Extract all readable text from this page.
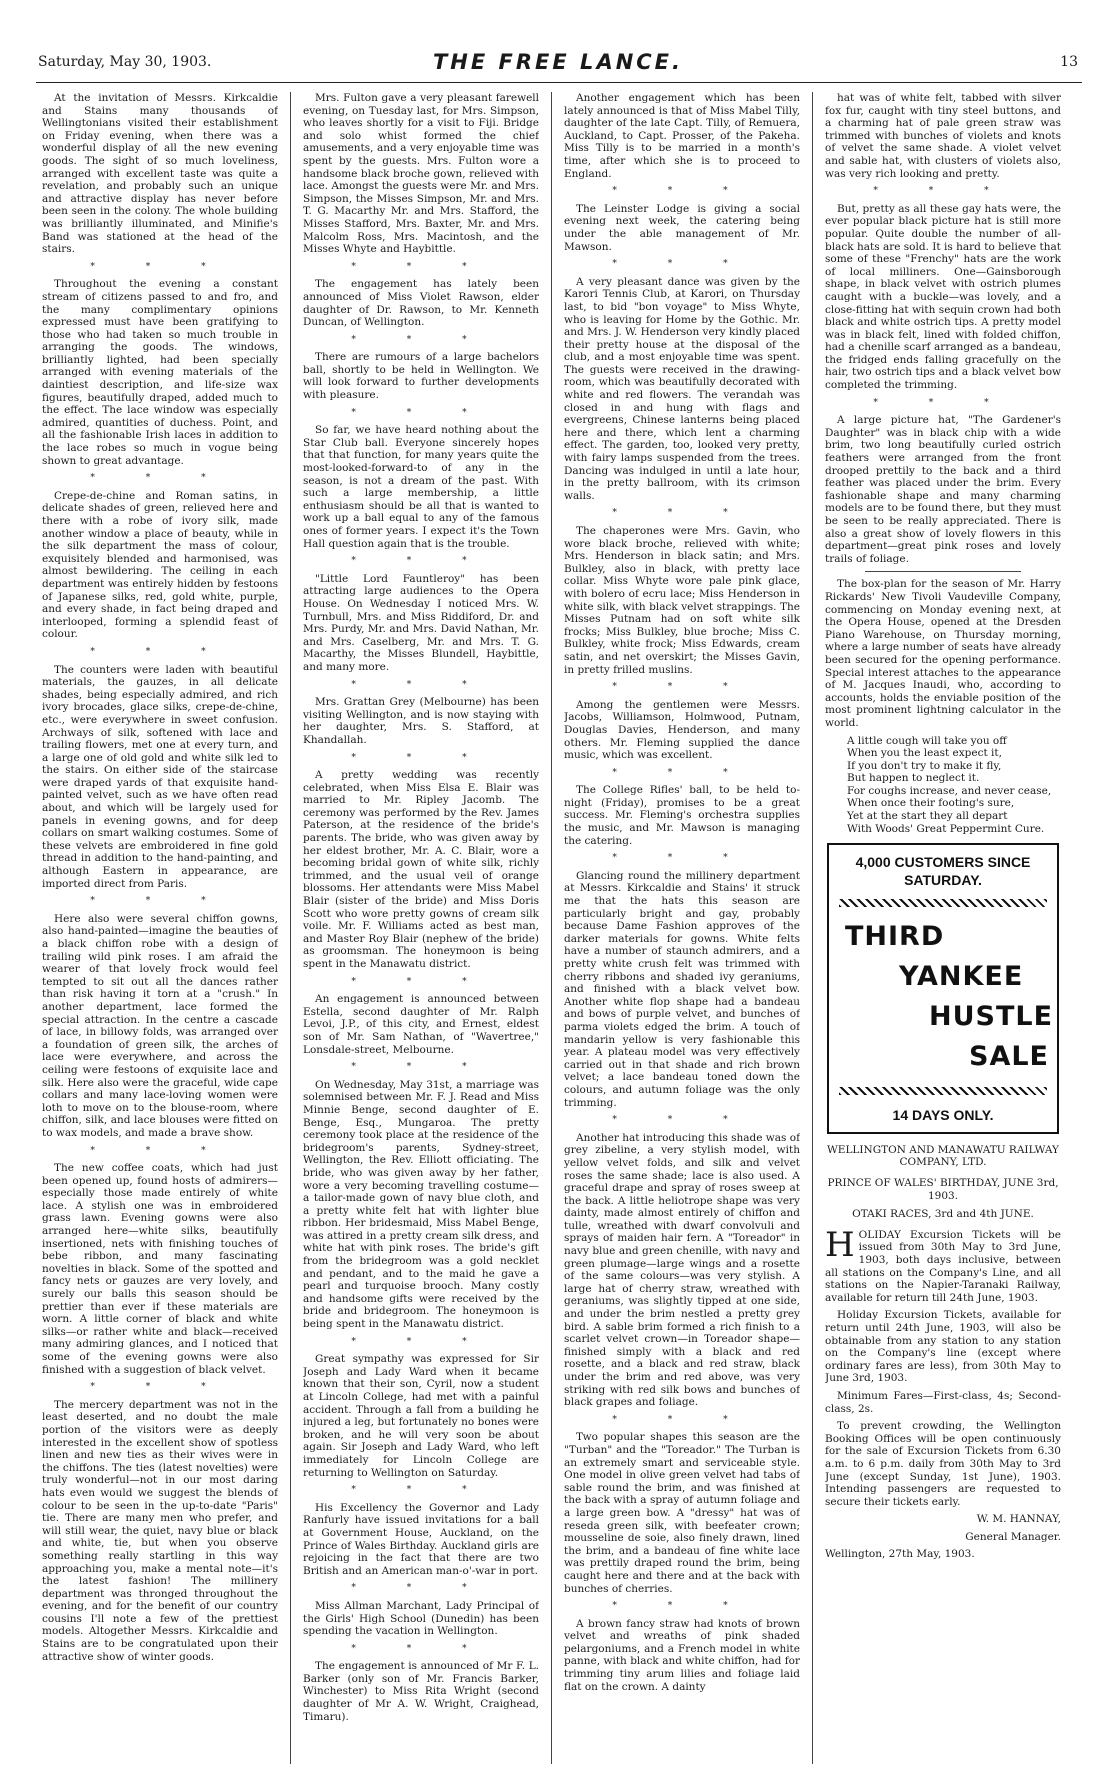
Saturday, May 30, 1903.	THE FREE LANCE.	13

At the invitation of Messrs. Kirkcaldie and Stains many thousands of Wellingtonians visited their establishment on Friday evening, when there was a wonderful display of all the new evening goods. The sight of so much loveliness, arranged with excellent taste was quite a revelation, and probably such an unique and attractive display has never before been seen in the colony. The whole building was brilliantly illuminated, and Minifie's Band was stationed at the head of the stairs.

* * *

Throughout the evening a constant stream of citizens passed to and fro, and the many complimentary opinions expressed must have been gratifying to those who had taken so much trouble in arranging the goods. The windows, brilliantly lighted, had been specially arranged with evening materials of the daintiest description, and life-size wax figures, beautifully draped, added much to the effect. The lace window was especially admired, quantities of duchess. Point, and all the fashionable Irish laces in addition to the lace robes so much in vogue being shown to great advantage.

* * *

Crepe-de-chine and Roman satins, in delicate shades of green, relieved here and there with a robe of ivory silk, made another window a place of beauty, while in the silk department the mass of colour, exquisitely blended and harmonised, was almost bewildering. The ceiling in each department was entirely hidden by festoons of Japanese silks, red, gold white, purple, and every shade, in fact being draped and interlooped, forming a splendid feast of colour.

* * *

The counters were laden with beautiful materials, the gauzes, in all delicate shades, being especially admired, and rich ivory brocades, glace silks, crepe-de-chine, etc., were everywhere in sweet confusion. Archways of silk, softened with lace and trailing flowers, met one at every turn, and a large one of old gold and white silk led to the stairs. On either side of the staircase were draped yards of that exquisite hand-painted velvet, such as we have often read about, and which will be largely used for panels in evening gowns, and for deep collars on smart walking costumes. Some of these velvets are embroidered in fine gold thread in addition to the hand-painting, and although Eastern in appearance, are imported direct from Paris.

* * *

Here also were several chiffon gowns, also hand-painted—imagine the beauties of a black chiffon robe with a design of trailing wild pink roses. I am afraid the wearer of that lovely frock would feel tempted to sit out all the dances rather than risk having it torn at a "crush." In another department, lace formed the special attraction. In the centre a cascade of lace, in billowy folds, was arranged over a foundation of green silk, the arches of lace were everywhere, and across the ceiling were festoons of exquisite lace and silk. Here also were the graceful, wide cape collars and many lace-loving women were loth to move on to the blouse-room, where chiffon, silk, and lace blouses were fitted on to wax models, and made a brave show.

* * *

The new coffee coats, which had just been opened up, found hosts of admirers—especially those made entirely of white lace. A stylish one was in embroidered grass lawn. Evening gowns were also arranged here—white silks, beautifully insertioned, nets with finishing touches of bebe ribbon, and many fascinating novelties in black. Some of the spotted and fancy nets or gauzes are very lovely, and surely our balls this season should be prettier than ever if these materials are worn. A little corner of black and white silks—or rather white and black—received many admiring glances, and I noticed that some of the evening gowns were also finished with a suggestion of black velvet.

* * *

The mercery department was not in the least deserted, and no doubt the male portion of the visitors were as deeply interested in the excellent show of spotless linen and new ties as their wives were in the chiffons. The ties (latest novelties) were truly wonderful—not in our most daring hats even would we suggest the blends of colour to be seen in the up-to-date "Paris" tie. There are many men who prefer, and will still wear, the quiet, navy blue or black and white, tie, but when you observe something really startling in this way approaching you, make a mental note—it's the latest fashion! The millinery department was thronged throughout the evening, and for the benefit of our country cousins I'll note a few of the prettiest models. Altogether Messrs. Kirkcaldie and Stains are to be congratulated upon their attractive show of winter goods.

Mrs. Fulton gave a very pleasant farewell evening, on Tuesday last, for Mrs. Simpson, who leaves shortly for a visit to Fiji. Bridge and solo whist formed the chief amusements, and a very enjoyable time was spent by the guests. Mrs. Fulton wore a handsome black broche gown, relieved with lace. Amongst the guests were Mr. and Mrs. Simpson, the Misses Simpson, Mr. and Mrs. T. G. Macarthy Mr. and Mrs. Stafford, the Misses Stafford, Mrs. Baxter, Mr. and Mrs. Malcolm Ross, Mrs. Macintosh, and the Misses Whyte and Haybittle.

* * *

The engagement has lately been announced of Miss Violet Rawson, elder daughter of Dr. Rawson, to Mr. Kenneth Duncan, of Wellington.

* * *

There are rumours of a large bachelors ball, shortly to be held in Wellington. We will look forward to further developments with pleasure.

* * *

So far, we have heard nothing about the Star Club ball. Everyone sincerely hopes that that function, for many years quite the most-looked-forward-to of any in the season, is not a dream of the past. With such a large membership, a little enthusiasm should be all that is wanted to work up a ball equal to any of the famous ones of former years. I expect it's the Town Hall question again that is the trouble.

* * *

"Little Lord Fauntleroy" has been attracting large audiences to the Opera House. On Wednesday I noticed Mrs. W. Turnbull, Mrs. and Miss Riddiford, Dr. and Mrs. Purdy, Mr. and Mrs. David Nathan, Mr. and Mrs. Caselberg, Mr. and Mrs. T. G. Macarthy, the Misses Blundell, Haybittle, and many more.

* * *

Mrs. Grattan Grey (Melbourne) has been visiting Wellington, and is now staying with her daughter, Mrs. S. Stafford, at Khandallah.

* * *

A pretty wedding was recently celebrated, when Miss Elsa E. Blair was married to Mr. Ripley Jacomb. The ceremony was performed by the Rev. James Paterson, at the residence of the bride's parents. The bride, who was given away by her eldest brother, Mr. A. C. Blair, wore a becoming bridal gown of white silk, richly trimmed, and the usual veil of orange blossoms. Her attendants were Miss Mabel Blair (sister of the bride) and Miss Doris Scott who wore pretty gowns of cream silk voile. Mr. F. Williams acted as best man, and Master Roy Blair (nephew of the bride) as groomsman. The honeymoon is being spent in the Manawatu district.

* * *

An engagement is announced between Estella, second daughter of Mr. Ralph Levoi, J.P., of this city, and Ernest, eldest son of Mr. Sam Nathan, of "Wavertree," Lonsdale-street, Melbourne.

* * *

On Wednesday, May 31st, a marriage was solemnised between Mr. F. J. Read and Miss Minnie Benge, second daughter of E. Benge, Esq., Mungaroa. The pretty ceremony took place at the residence of the bridegroom's parents, Sydney-street, Wellington, the Rev. Elliott officiating. The bride, who was given away by her father, wore a very becoming travelling costume—a tailor-made gown of navy blue cloth, and a pretty white felt hat with lighter blue ribbon. Her bridesmaid, Miss Mabel Benge, was attired in a pretty cream silk dress, and white hat with pink roses. The bride's gift from the bridegroom was a gold necklet and pendant, and to the maid he gave a pearl and turquoise brooch. Many costly and handsome gifts were received by the bride and bridegroom. The honeymoon is being spent in the Manawatu district.

* * *

Great sympathy was expressed for Sir Joseph and Lady Ward when it became known that their son, Cyril, now a student at Lincoln College, had met with a painful accident. Through a fall from a building he injured a leg, but fortunately no bones were broken, and he will very soon be about again. Sir Joseph and Lady Ward, who left immediately for Lincoln College are returning to Wellington on Saturday.

* * *

His Excellency the Governor and Lady Ranfurly have issued invitations for a ball at Government House, Auckland, on the Prince of Wales Birthday. Auckland girls are rejoicing in the fact that there are two British and an American man-o'-war in port.

* * *

Miss Allman Marchant, Lady Principal of the Girls' High School (Dunedin) has been spending the vacation in Wellington.

* * *

The engagement is announced of Mr F. L. Barker (only son of Mr. Francis Barker, Winchester) to Miss Rita Wright (second daughter of Mr A. W. Wright, Craighead, Timaru).

Another engagement which has been lately announced is that of Miss Mabel Tilly, daughter of the late Capt. Tilly, of Remuera, Auckland, to Capt. Prosser, of the Pakeha. Miss Tilly is to be married in a month's time, after which she is to proceed to England.

* * *

The Leinster Lodge is giving a social evening next week, the catering being under the able management of Mr. Mawson.

* * *

A very pleasant dance was given by the Karori Tennis Club, at Karori, on Thursday last, to bid "bon voyage" to Miss Whyte, who is leaving for Home by the Gothic. Mr. and Mrs. J. W. Henderson very kindly placed their pretty house at the disposal of the club, and a most enjoyable time was spent. The guests were received in the drawing-room, which was beautifully decorated with white and red flowers. The verandah was closed in and hung with flags and evergreens, Chinese lanterns being placed here and there, which lent a charming effect. The garden, too, looked very pretty, with fairy lamps suspended from the trees. Dancing was indulged in until a late hour, in the pretty ballroom, with its crimson walls.

* * *

The chaperones were Mrs. Gavin, who wore black broche, relieved with white; Mrs. Henderson in black satin; and Mrs. Bulkley, also in black, with pretty lace collar. Miss Whyte wore pale pink glace, with bolero of ecru lace; Miss Henderson in white silk, with black velvet strappings. The Misses Putnam had on soft white silk frocks; Miss Bulkley, blue broche; Miss C. Bulkley, white frock; Miss Edwards, cream satin, and net overskirt; the Misses Gavin, in pretty frilled muslins.

* * *

Among the gentlemen were Messrs. Jacobs, Williamson, Holmwood, Putnam, Douglas Davies, Henderson, and many others. Mr. Fleming supplied the dance music, which was excellent.

* * *

The College Rifles' ball, to be held to-night (Friday), promises to be a great success. Mr. Fleming's orchestra supplies the music, and Mr. Mawson is managing the catering.

* * *

Glancing round the millinery department at Messrs. Kirkcaldie and Stains' it struck me that the hats this season are particularly bright and gay, probably because Dame Fashion approves of the darker materials for gowns. White felts have a number of staunch admirers, and a pretty white crush felt was trimmed with cherry ribbons and shaded ivy geraniums, and finished with a black velvet bow. Another white flop shape had a bandeau and bows of purple velvet, and bunches of parma violets edged the brim. A touch of mandarin yellow is very fashionable this year. A plateau model was very effectively carried out in that shade and rich brown velvet; a lace bandeau toned down the colours, and autumn foliage was the only trimming.

* * *

Another hat introducing this shade was of grey zibeline, a very stylish model, with yellow velvet folds, and silk and velvet roses the same shade; lace is also used. A graceful drape and spray of roses sweep at the back. A little heliotrope shape was very dainty, made almost entirely of chiffon and tulle, wreathed with dwarf convolvuli and sprays of maiden hair fern. A "Toreador" in navy blue and green chenille, with navy and green plumage—large wings and a rosette of the same colours—was very stylish. A large hat of cherry straw, wreathed with geraniums, was slightly tipped at one side, and under the brim nestled a pretty grey bird. A sable brim formed a rich finish to a scarlet velvet crown—in Toreador shape—finished simply with a black and red rosette, and a black and red straw, black under the brim and red above, was very striking with red silk bows and bunches of black grapes and foliage.

* * *

Two popular shapes this season are the "Turban" and the "Toreador." The Turban is an extremely smart and serviceable style. One model in olive green velvet had tabs of sable round the brim, and was finished at the back with a spray of autumn foliage and a large green bow. A "dressy" hat was of reseda green silk, with beefeater crown; mousseline de soie, also finely drawn, lined the brim, and a bandeau of fine white lace was prettily draped round the brim, being caught here and there and at the back with bunches of cherries.

* * *

A brown fancy straw had knots of brown velvet and wreaths of pink shaded pelargoniums, and a French model in white panne, with black and white chiffon, had for trimming tiny arum lilies and foliage laid flat on the crown. A dainty

hat was of white felt, tabbed with silver fox fur, caught with tiny steel buttons, and a charming hat of pale green straw was trimmed with bunches of violets and knots of velvet the same shade. A violet velvet and sable hat, with clusters of violets also, was very rich looking and pretty.

* * *

But, pretty as all these gay hats were, the ever popular black picture hat is still more popular. Quite double the number of all-black hats are sold. It is hard to believe that some of these "Frenchy" hats are the work of local milliners. One—Gainsborough shape, in black velvet with ostrich plumes caught with a buckle—was lovely, and a close-fitting hat with sequin crown had both black and white ostrich tips. A pretty model was in black felt, lined with folded chiffon, had a chenille scarf arranged as a bandeau, the fridged ends falling gracefully on the hair, two ostrich tips and a black velvet bow completed the trimming.

* * *

A large picture hat, "The Gardener's Daughter" was in black chip with a wide brim, two long beautifully curled ostrich feathers were arranged from the front drooped prettily to the back and a third feather was placed under the brim. Every fashionable shape and many charming models are to be found there, but they must be seen to be really appreciated. There is also a great show of lovely flowers in this department—great pink roses and lovely trails of foliage.

The box-plan for the season of Mr. Harry Rickards' New Tivoli Vaudeville Company, commencing on Monday evening next, at the Opera House, opened at the Dresden Piano Warehouse, on Thursday morning, where a large number of seats have already been secured for the opening performance. Special interest attaches to the appearance of M. Jacques Inaudi, who, according to accounts, holds the enviable position of the most prominent lightning calculator in the world.

A little cough will take you off
When you the least expect it,
If you don't try to make it fly,
But happen to neglect it.
For coughs increase, and never cease,
When once their footing's sure,
Yet at the start they all depart
With Woods' Great Peppermint Cure.
4,000 CUSTOMERS SINCE SATURDAY.
THIRD
YANKEE
HUSTLE
SALE
14 DAYS ONLY.
WELLINGTON AND MANAWATU RAILWAY COMPANY, LTD.
PRINCE OF WALES' BIRTHDAY, JUNE 3rd, 1903.
OTAKI RACES, 3rd and 4th JUNE.

H OLIDAY Excursion Tickets will be issued from 30th May to 3rd June, 1903, both days inclusive, between all stations on the Company's Line, and all stations on the Napier-Taranaki Railway, available for return till 24th June, 1903.

Holiday Excursion Tickets, available for return until 24th June, 1903, will also be obtainable from any station to any station on the Company's line (except where ordinary fares are less), from 30th May to June 3rd, 1903.

Minimum Fares—First-class, 4s; Second-class, 2s.

To prevent crowding, the Wellington Booking Offices will be open continuously for the sale of Excursion Tickets from 6.30 a.m. to 6 p.m. daily from 30th May to 3rd June (except Sunday, 1st June), 1903. Intending passengers are requested to secure their tickets early.

W. M. HANNAY,

General Manager.

Wellington, 27th May, 1903.
